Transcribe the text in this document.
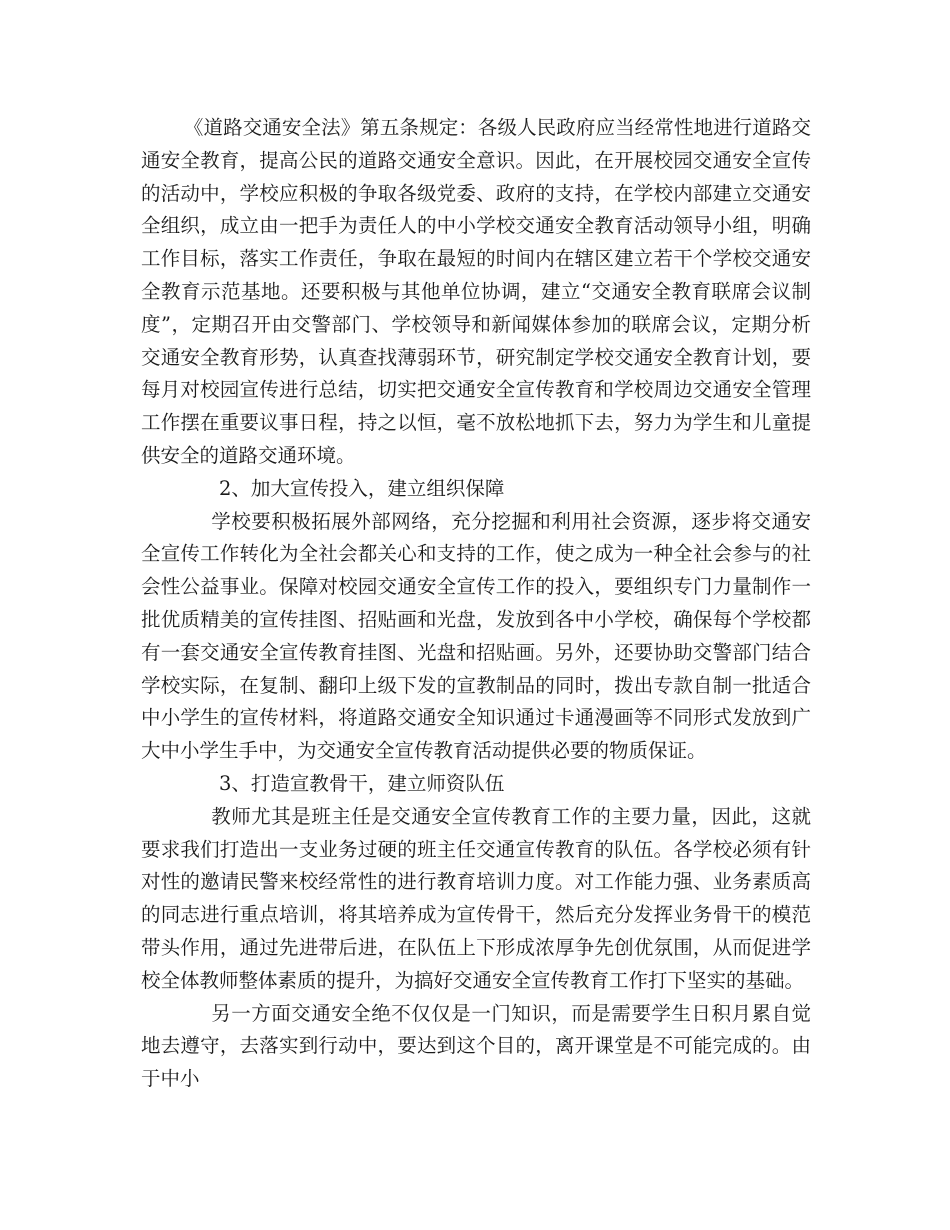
《道路交通安全法》第五条规定：各级人民政府应当经常性地进行道路交通安全教育，提高公民的道路交通安全意识。因此，在开展校园交通安全宣传的活动中，学校应积极的争取各级党委、政府的支持，在学校内部建立交通安全组织，成立由一把手为责任人的中小学校交通安全教育活动领导小组，明确工作目标，落实工作责任，争取在最短的时间内在辖区建立若干个学校交通安全教育示范基地。还要积极与其他单位协调，建立“交通安全教育联席会议制度”，定期召开由交警部门、学校领导和新闻媒体参加的联席会议，定期分析交通安全教育形势，认真查找薄弱环节，研究制定学校交通安全教育计划，要每月对校园宣传进行总结，切实把交通安全宣传教育和学校周边交通安全管理工作摆在重要议事日程，持之以恒，毫不放松地抓下去，努力为学生和儿童提供安全的道路交通环境。

2、加大宣传投入，建立组织保障

学校要积极拓展外部网络，充分挖掘和利用社会资源，逐步将交通安全宣传工作转化为全社会都关心和支持的工作，使之成为一种全社会参与的社会性公益事业。保障对校园交通安全宣传工作的投入，要组织专门力量制作一批优质精美的宣传挂图、招贴画和光盘，发放到各中小学校，确保每个学校都有一套交通安全宣传教育挂图、光盘和招贴画。另外，还要协助交警部门结合学校实际，在复制、翻印上级下发的宣教制品的同时，拨出专款自制一批适合中小学生的宣传材料，将道路交通安全知识通过卡通漫画等不同形式发放到广大中小学生手中，为交通安全宣传教育活动提供必要的物质保证。

3、打造宣教骨干，建立师资队伍

教师尤其是班主任是交通安全宣传教育工作的主要力量，因此，这就要求我们打造出一支业务过硬的班主任交通宣传教育的队伍。各学校必须有针对性的邀请民警来校经常性的进行教育培训力度。对工作能力强、业务素质高的同志进行重点培训，将其培养成为宣传骨干，然后充分发挥业务骨干的模范带头作用，通过先进带后进，在队伍上下形成浓厚争先创优氛围，从而促进学校全体教师整体素质的提升，为搞好交通安全宣传教育工作打下坚实的基础。

另一方面交通安全绝不仅仅是一门知识，而是需要学生日积月累自觉地去遵守，去落实到行动中，要达到这个目的，离开课堂是不可能完成的。由于中小
